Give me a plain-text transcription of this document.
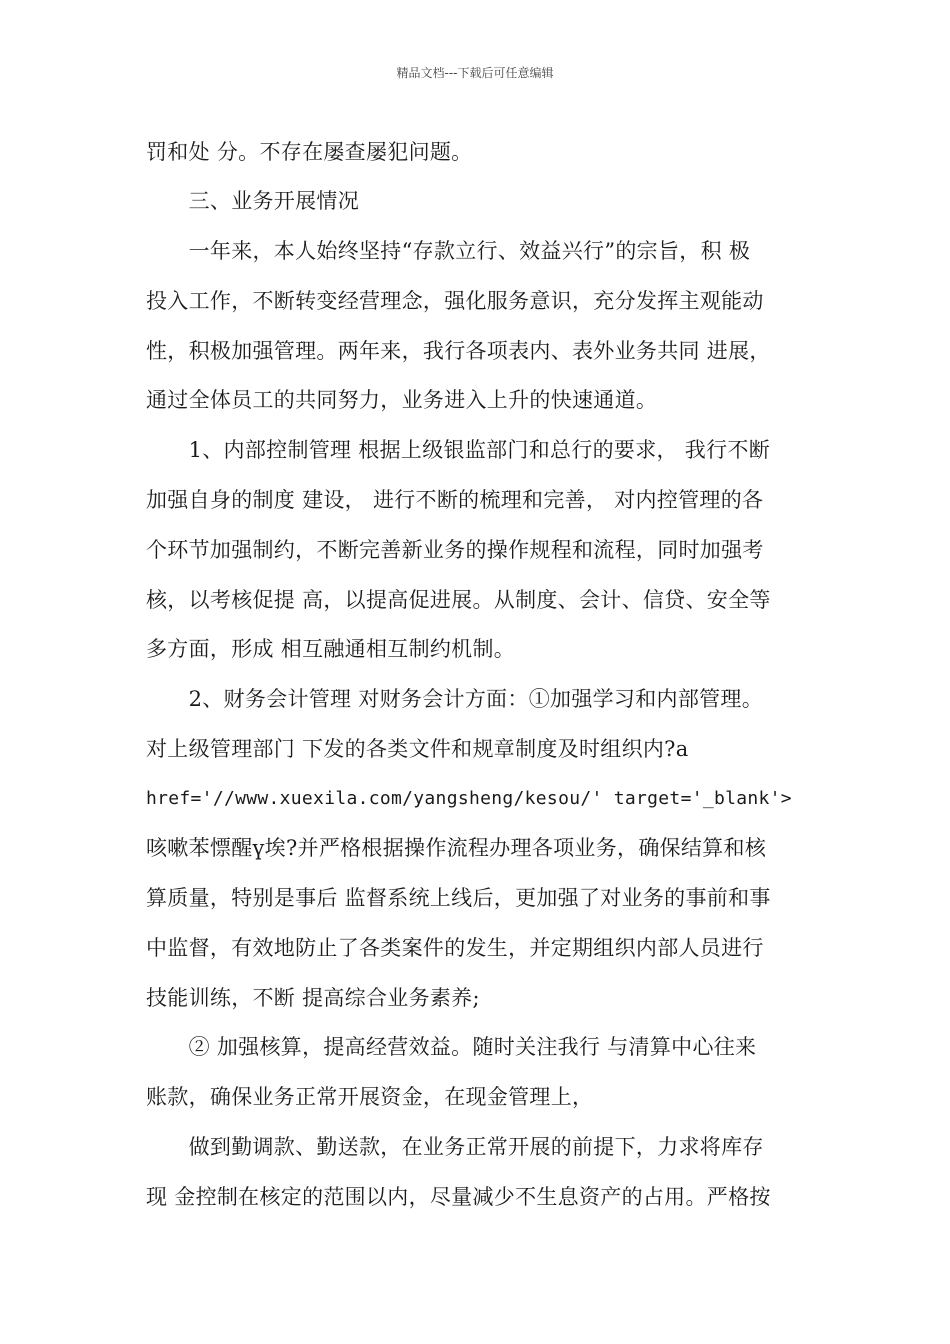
精品文档---下载后可任意编辑
罚和处 分。不存在屡查屡犯问题。
　　三、业务开展情况
　　一年来，本人始终坚持“存款立行、效益兴行”的宗旨，积 极
投入工作，不断转变经营理念，强化服务意识，充分发挥主观能动
性，积极加强管理。两年来，我行各项表内、表外业务共同 进展，
通过全体员工的共同努力，业务进入上升的快速通道。
　　1、内部控制管理 根据上级银监部门和总行的要求， 我行不断
加强自身的制度 建设， 进行不断的梳理和完善， 对内控管理的各
个环节加强制约，不断完善新业务的操作规程和流程，同时加强考
核，以考核促提 高，以提高促进展。从制度、会计、信贷、安全等
多方面，形成 相互融通相互制约机制。
　　2、财务会计管理 对财务会计方面：①加强学习和内部管理。
对上级管理部门 下发的各类文件和规章制度及时组织内?a
href='//www.xuexila.com/yangsheng/kesou/' target='_blank'>
咳嗽苯慓醒ү埃?并严格根据操作流程办理各项业务，确保结算和核
算质量，特别是事后 监督系统上线后，更加强了对业务的事前和事
中监督，有效地防止了各类案件的发生，并定期组织内部人员进行
技能训练，不断 提高综合业务素养;
　　② 加强核算，提高经营效益。随时关注我行 与清算中心往来
账款，确保业务正常开展资金，在现金管理上，
　　做到勤调款、勤送款，在业务正常开展的前提下，力求将库存
现 金控制在核定的范围以内，尽量减少不生息资产的占用。严格按
